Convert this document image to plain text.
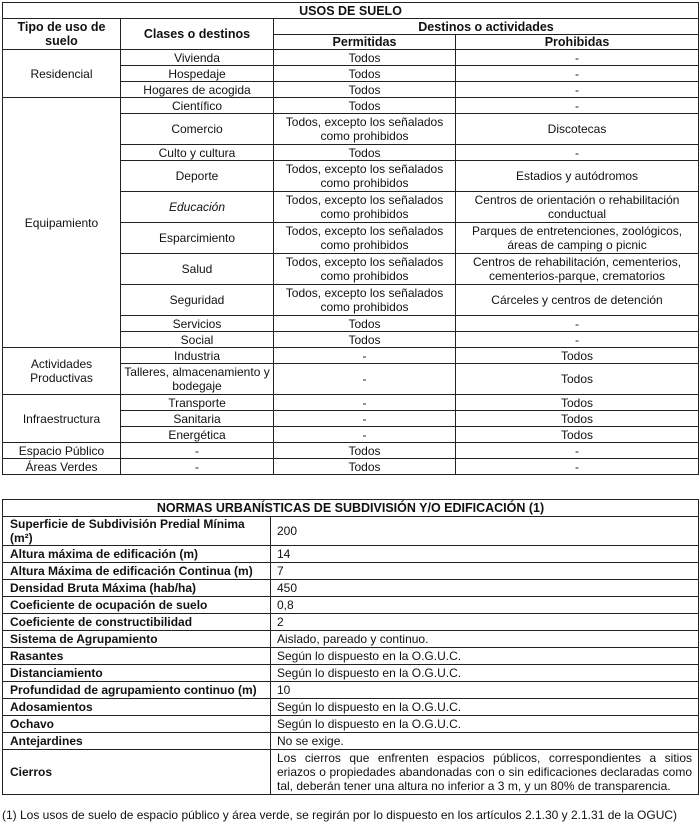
USOS DE SUELO			
Tipo de uso de suelo	Clases o destinos	Destinos o actividades	
		Permitidas	Prohibidas
Residencial	Vivienda	Todos	-
	Hospedaje	Todos	-
	Hogares de acogida	Todos	-
Equipamiento	Científico	Todos	-
	Comercio	Todos, excepto los señalados como prohibidos	Discotecas
	Culto y cultura	Todos	-
	Deporte	Todos, excepto los señalados como prohibidos	Estadios y autódromos
	Educación	Todos, excepto los señalados como prohibidos	Centros de orientación o rehabilitación conductual
	Esparcimiento	Todos, excepto los señalados como prohibidos	Parques de entretenciones, zoológicos, áreas de camping o picnic
	Salud	Todos, excepto los señalados como prohibidos	Centros de rehabilitación, cementerios, cementerios-parque, crematorios
	Seguridad	Todos, excepto los señalados como prohibidos	Cárceles y centros de detención
	Servicios	Todos	-
	Social	Todos	-
Actividades Productivas	Industria	-	Todos
	Talleres, almacenamiento y bodegaje	-	Todos
Infraestructura	Transporte	-	Todos
	Sanitaria	-	Todos
	Energética	-	Todos
Espacio Público	-	Todos	-
Áreas Verdes	-	Todos	-
NORMAS URBANÍSTICAS DE SUBDIVISIÓN Y/O EDIFICACIÓN (1)	
Superficie de Subdivisión Predial Mínima (m²)	200
Altura máxima de edificación (m)	14
Altura Máxima de edificación Continua (m)	7
Densidad Bruta Máxima (hab/ha)	450
Coeficiente de ocupación de suelo	0,8
Coeficiente de constructibilidad	2
Sistema de Agrupamiento	Aislado, pareado y continuo.
Rasantes	Según lo dispuesto en la O.G.U.C.
Distanciamiento	Según lo dispuesto en la O.G.U.C.
Profundidad de agrupamiento continuo (m)	10
Adosamientos	Según lo dispuesto en la O.G.U.C.
Ochavo	Según lo dispuesto en la O.G.U.C.
Antejardines	No se exige.
Cierros	Los cierros que enfrenten espacios públicos, correspondientes a sitios eriazos o propiedades abandonadas con o sin edificaciones declaradas como tal, deberán tener una altura no inferior a 3 m, y un 80% de transparencia.
(1) Los usos de suelo de espacio público y área verde, se regirán por lo dispuesto en los artículos 2.1.30 y 2.1.31 de la OGUC)
